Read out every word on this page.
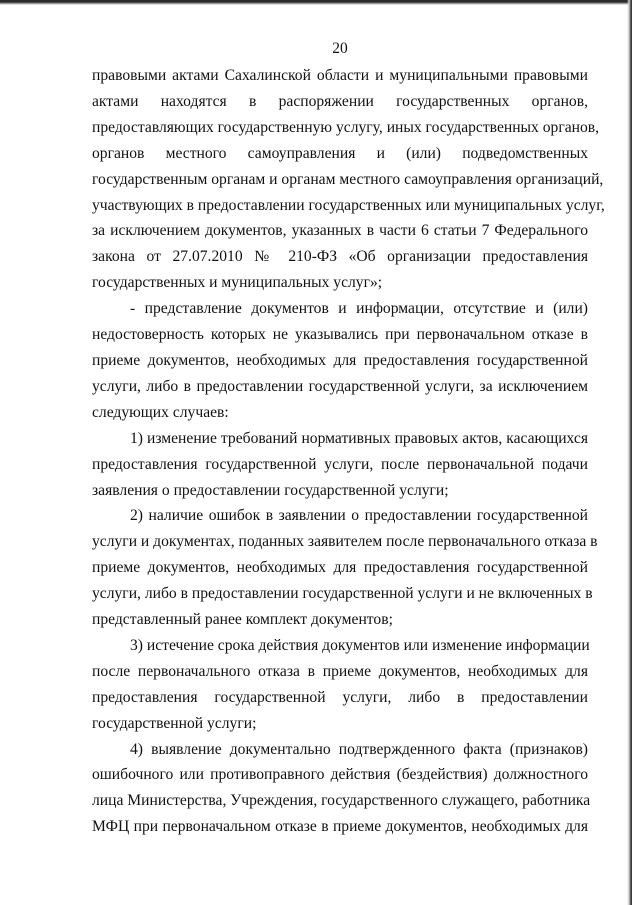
20

правовыми актами Сахалинской области и муниципальными правовыми
актами находятся в распоряжении государственных органов,
предоставляющих государственную услугу, иных государственных органов,
органов местного самоуправления и (или) подведомственных
государственным органам и органам местного самоуправления организаций,
участвующих в предоставлении государственных или муниципальных услуг,
за исключением документов, указанных в части 6 статьи 7 Федерального
закона от 27.07.2010 № 210-ФЗ «Об организации предоставления
государственных и муниципальных услуг»;

- представление документов и информации, отсутствие и (или)
недостоверность которых не указывались при первоначальном отказе в
приеме документов, необходимых для предоставления государственной
услуги, либо в предоставлении государственной услуги, за исключением
следующих случаев:

1) изменение требований нормативных правовых актов, касающихся
предоставления государственной услуги, после первоначальной подачи
заявления о предоставлении государственной услуги;

2) наличие ошибок в заявлении о предоставлении государственной
услуги и документах, поданных заявителем после первоначального отказа в
приеме документов, необходимых для предоставления государственной
услуги, либо в предоставлении государственной услуги и не включенных в
представленный ранее комплект документов;

3) истечение срока действия документов или изменение информации
после первоначального отказа в приеме документов, необходимых для
предоставления государственной услуги, либо в предоставлении
государственной услуги;

4) выявление документально подтвержденного факта (признаков)
ошибочного или противоправного действия (бездействия) должностного
лица Министерства, Учреждения, государственного служащего, работника
МФЦ при первоначальном отказе в приеме документов, необходимых для
